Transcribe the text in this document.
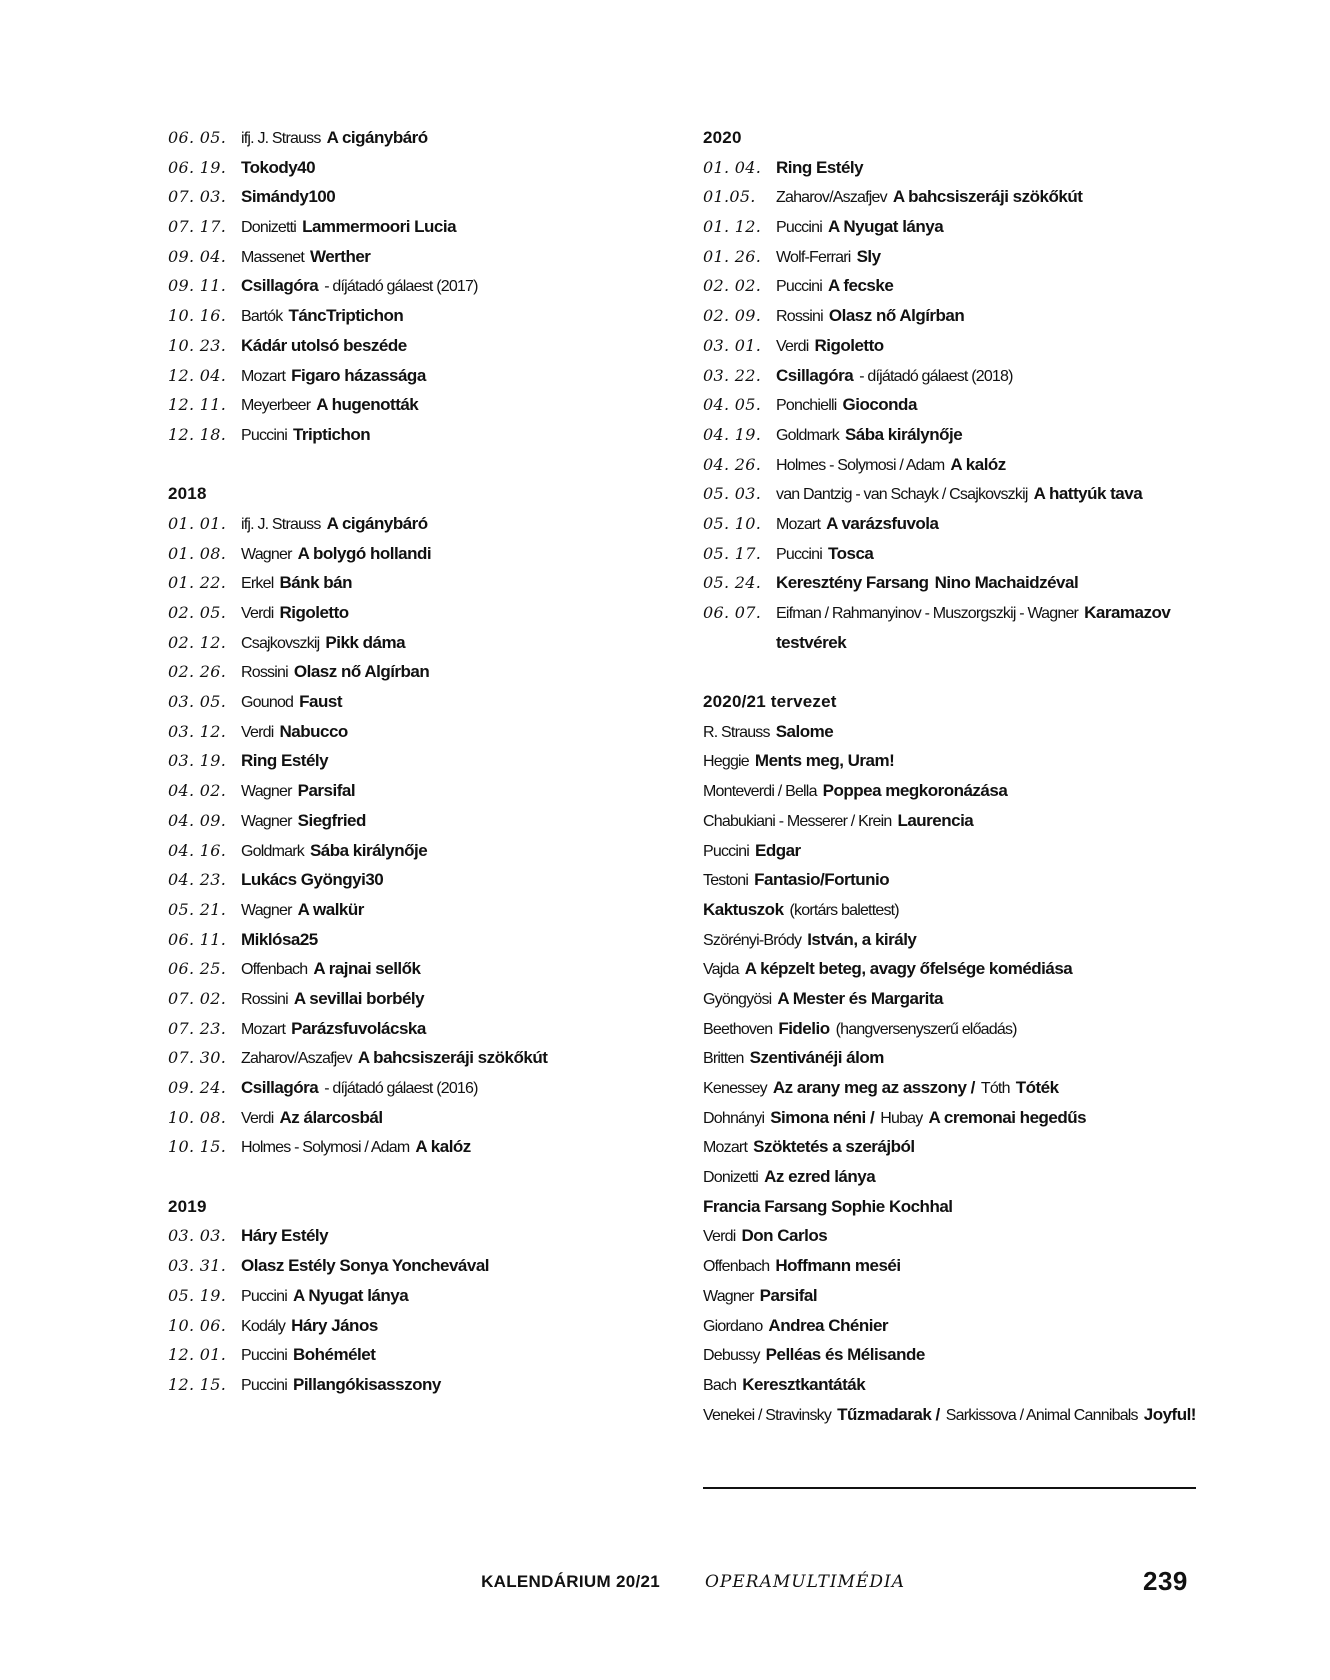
06. 05. ifj. J. Strauss A cigánybáró
06. 19. Tokody40
07. 03. Simándy100
07. 17. Donizetti Lammermoori Lucia
09. 04. Massenet Werther
09. 11. Csillagóra - díjátadó gálaest (2017)
10. 16. Bartók TáncTriptichon
10. 23. Kádár utolsó beszéde
12. 04. Mozart Figaro házassága
12. 11. Meyerbeer A hugenották
12. 18. Puccini Triptichon
2018
01. 01. ifj. J. Strauss A cigánybáró
01. 08. Wagner A bolygó hollandi
01. 22. Erkel Bánk bán
02. 05. Verdi Rigoletto
02. 12. Csajkovszkij Pikk dáma
02. 26. Rossini Olasz nő Algírban
03. 05. Gounod Faust
03. 12. Verdi Nabucco
03. 19. Ring Estély
04. 02. Wagner Parsifal
04. 09. Wagner Siegfried
04. 16. Goldmark Sába királynője
04. 23. Lukács Gyöngyi30
05. 21. Wagner A walkür
06. 11. Miklósa25
06. 25. Offenbach A rajnai sellők
07. 02. Rossini A sevillai borbély
07. 23. Mozart Parázsfuvolácska
07. 30. Zaharov/Aszafjev A bahcsiszeráji szökőkút
09. 24. Csillagóra - díjátadó gálaest (2016)
10. 08. Verdi Az álarcosbál
10. 15. Holmes - Solymosi / Adam A kalóz
2019
03. 03. Háry Estély
03. 31. Olasz Estély Sonya Yonchevával
05. 19. Puccini A Nyugat lánya
10. 06. Kodály Háry János
12. 01. Puccini Bohémélet
12. 15. Puccini Pillangókisasszony
2020
01. 04. Ring Estély
01.05.	Zaharov/Aszafjev A bahcsiszeráji szökőkút
01. 12. Puccini A Nyugat lánya
01. 26. Wolf-Ferrari Sly
02. 02. Puccini A fecske
02. 09. Rossini Olasz nő Algírban
03. 01. Verdi Rigoletto
03. 22. Csillagóra - díjátadó gálaest (2018)
04. 05. Ponchielli Gioconda
04. 19. Goldmark Sába királynője
04. 26. Holmes - Solymosi / Adam A kalóz
05. 03. van Dantzig - van Schayk / Csajkovszkij A hattyúk tava
05. 10. Mozart A varázsfuvola
05. 17. Puccini Tosca
05. 24. Keresztény Farsang Nino Machaidzéval
06. 07. Eifman / Rahmanyinov - Muszorgszkij - Wagner Karamazov
testvérek
2020/21 tervezet
R. Strauss Salome
Heggie Ments meg, Uram!
Monteverdi / Bella Poppea megkoronázása
Chabukiani - Messerer / Krein Laurencia
Puccini Edgar
Testoni Fantasio/Fortunio
Kaktuszok (kortárs balettest)
Szörényi-Bródy István, a király
Vajda A képzelt beteg, avagy őfelsége komédiása
Gyöngyösi A Mester és Margarita
Beethoven Fidelio (hangversenyszerű előadás)
Britten Szentivánéji álom
Kenessey Az arany meg az asszony / Tóth Tóték
Dohnányi Simona néni / Hubay A cremonai hegedűs
Mozart Szöktetés a szerájból
Donizetti Az ezred lánya
Francia Farsang Sophie Kochhal
Verdi Don Carlos
Offenbach Hoffmann meséi
Wagner Parsifal
Giordano Andrea Chénier
Debussy Pelléas és Mélisande
Bach Keresztkantáták
Venekei / Stravinsky Tűzmadarak / Sarkissova / Animal Cannibals Joyful!
KALENDÁRIUM 20/21	OPERAMULTIMÉDIA	239
